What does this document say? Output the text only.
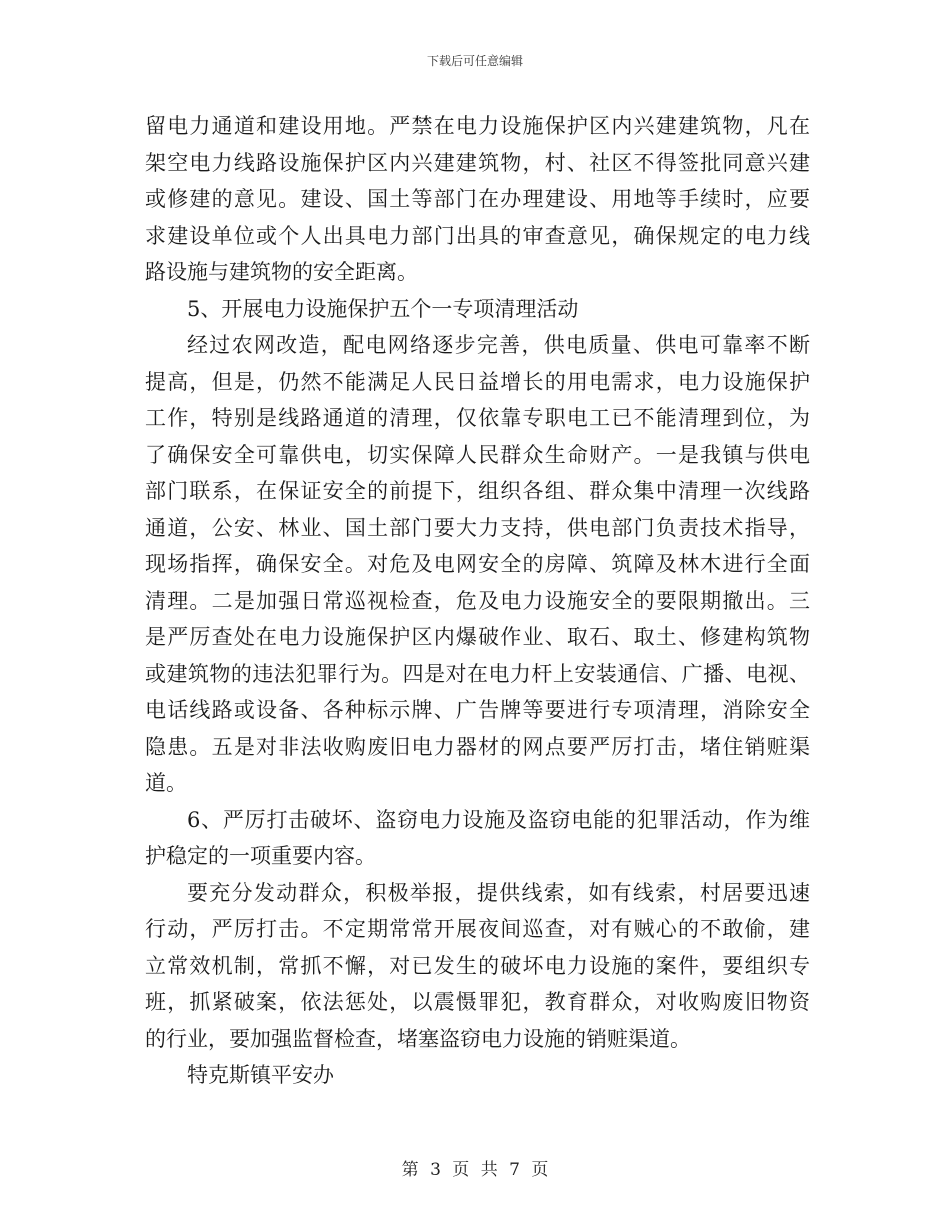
下载后可任意编辑
留电力通道和建设用地。严禁在电力设施保护区内兴建建筑物，凡在
架空电力线路设施保护区内兴建建筑物，村、社区不得签批同意兴建
或修建的意见。建设、国土等部门在办理建设、用地等手续时，应要
求建设单位或个人出具电力部门出具的审查意见，确保规定的电力线
路设施与建筑物的安全距离。
5、开展电力设施保护五个一专项清理活动
经过农网改造，配电网络逐步完善，供电质量、供电可靠率不断
提高，但是，仍然不能满足人民日益增长的用电需求，电力设施保护
工作，特别是线路通道的清理，仅依靠专职电工已不能清理到位，为
了确保安全可靠供电，切实保障人民群众生命财产。一是我镇与供电
部门联系，在保证安全的前提下，组织各组、群众集中清理一次线路
通道，公安、林业、国土部门要大力支持，供电部门负责技术指导，
现场指挥，确保安全。对危及电网安全的房障、筑障及林木进行全面
清理。二是加强日常巡视检查，危及电力设施安全的要限期撤出。三
是严厉查处在电力设施保护区内爆破作业、取石、取土、修建构筑物
或建筑物的违法犯罪行为。四是对在电力杆上安装通信、广播、电视、
电话线路或设备、各种标示牌、广告牌等要进行专项清理，消除安全
隐患。五是对非法收购废旧电力器材的网点要严厉打击，堵住销赃渠
道。
6、严厉打击破坏、盗窃电力设施及盗窃电能的犯罪活动，作为维
护稳定的一项重要内容。
要充分发动群众，积极举报，提供线索，如有线索，村居要迅速
行动，严厉打击。不定期常常开展夜间巡查，对有贼心的不敢偷，建
立常效机制，常抓不懈，对已发生的破坏电力设施的案件，要组织专
班，抓紧破案，依法惩处，以震慑罪犯，教育群众，对收购废旧物资
的行业，要加强监督检查，堵塞盗窃电力设施的销赃渠道。
特克斯镇平安办
第 3 页 共 7 页
